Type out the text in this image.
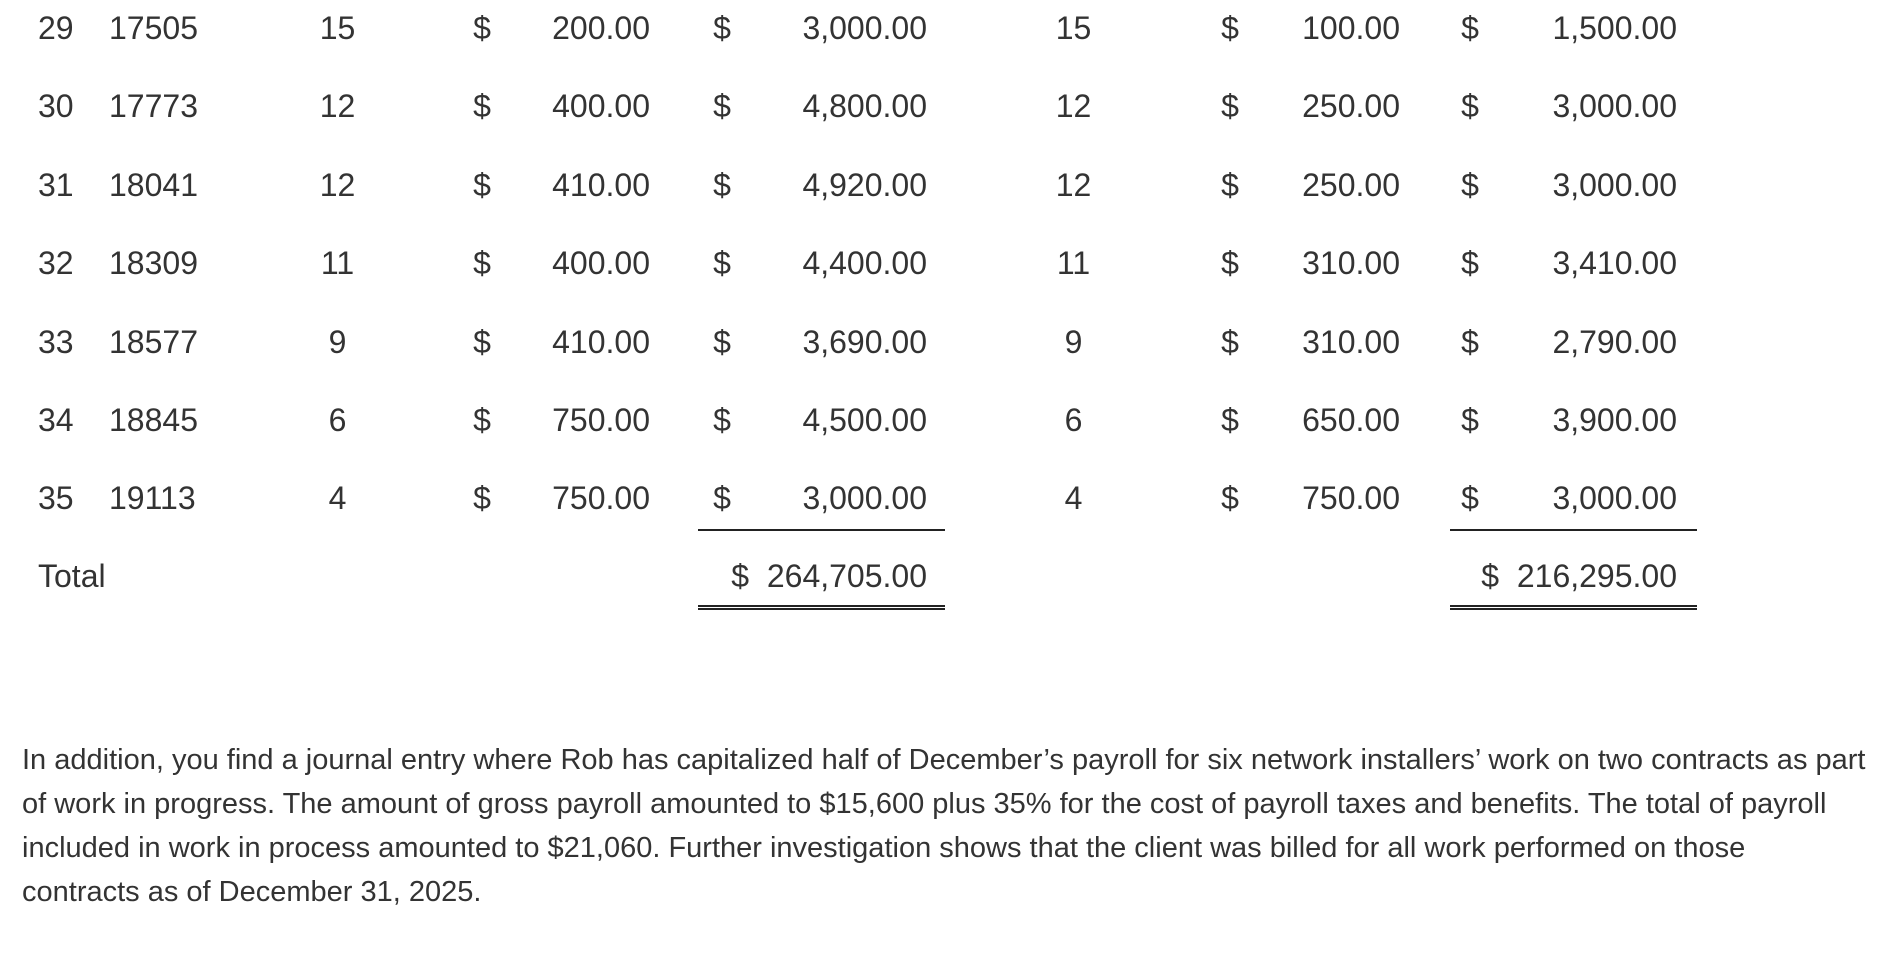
29	17505	15	$	200.00 $	3,000.00	15	$	100.00 $	1,500.00
30	17773	12	$	400.00 $	4,800.00	12	$	250.00 $	3,000.00
31	18041	12	$	410.00 $	4,920.00	12	$	250.00 $	3,000.00
32	18309	11	$	400.00 $	4,400.00	11	$	310.00 $	3,410.00
33	18577	9	$	410.00 $	3,690.00	9	$	310.00 $	2,790.00
34	18845	6	$	750.00 $	4,500.00	6	$	650.00 $	3,900.00
35	19113	4	$	750.00 $	3,000.00	4	$	750.00 $	3,000.00
Total	$  264,705.00	$  216,295.00

In addition, you find a journal entry where Rob has capitalized half of December’s payroll for six network installers’ work on two contracts as part of work in progress. The amount of gross payroll amounted to $15,600 plus 35% for the cost of payroll taxes and benefits. The total of payroll included in work in process amounted to $21,060. Further investigation shows that the client was billed for all work performed on those contracts as of December 31, 2025.
